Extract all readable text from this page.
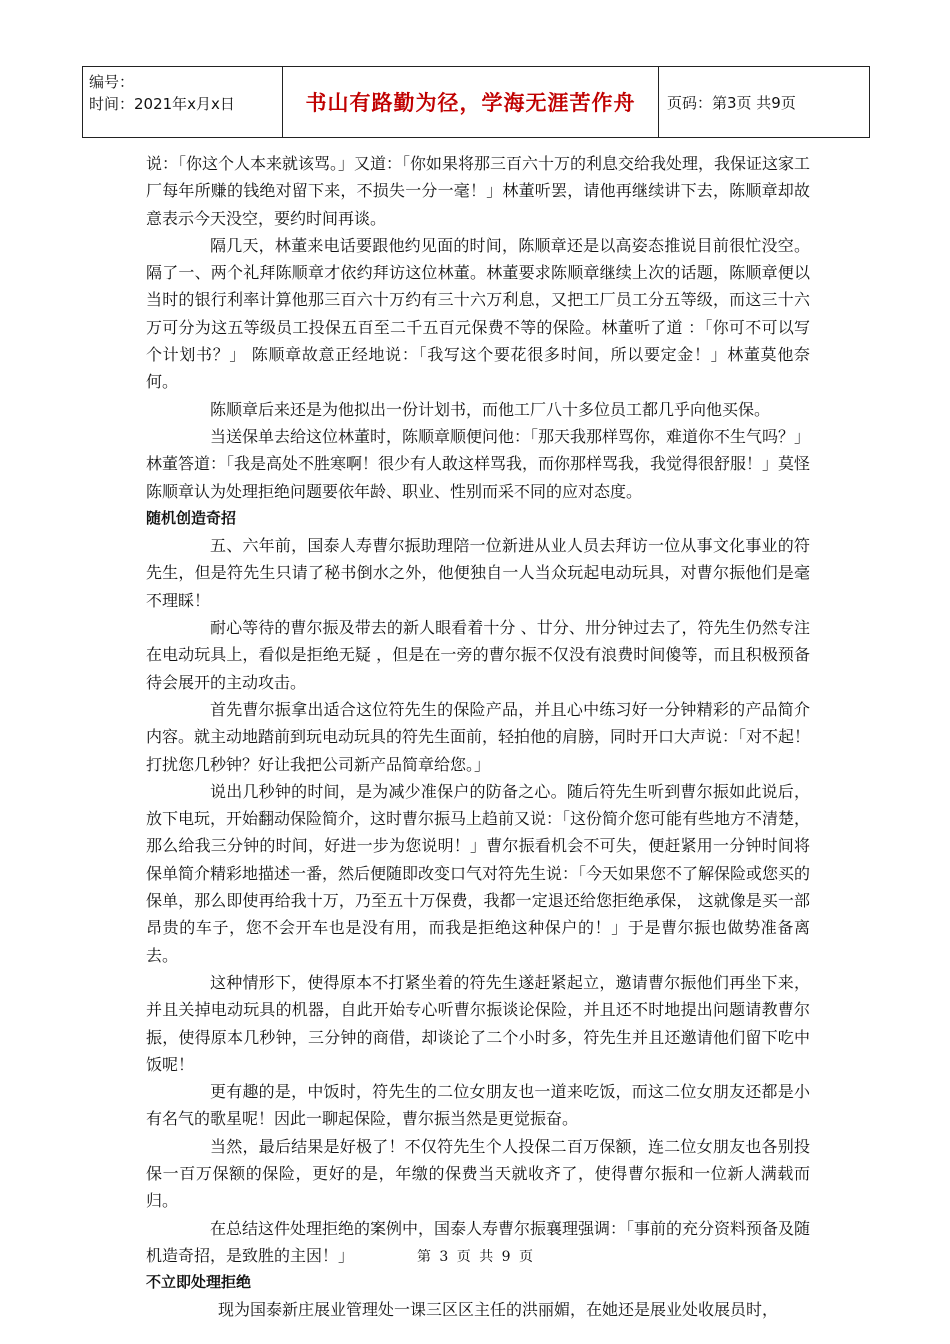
编号：
时间：2021年x月x日	书山有路勤为径，学海无涯苦作舟	页码：第3页 共9页

说：「你这个人本来就该骂。」又道：「你如果将那三百六十万的利息交给我处理，我保证这家工厂每年所赚的钱绝对留下来，不损失一分一毫！」林董听罢，请他再继续讲下去，陈顺章却故意表示今天没空，要约时间再谈。

隔几天，林董来电话要跟他约见面的时间，陈顺章还是以高姿态推说目前很忙没空。隔了一、两个礼拜陈顺章才依约拜访这位林董。林董要求陈顺章继续上次的话题，陈顺章便以当时的银行利率计算他那三百六十万约有三十六万利息，又把工厂员工分五等级，而这三十六万可分为这五等级员工投保五百至二千五百元保费不等的保险。林董听了道 ：「你可不可以写个计划书？」 陈顺章故意正经地说：「我写这个要花很多时间，所以要定金！」林董莫他奈何。

陈顺章后来还是为他拟出一份计划书，而他工厂八十多位员工都几乎向他买保。

当送保单去给这位林董时，陈顺章顺便问他：「那天我那样骂你，难道你不生气吗？」林董答道：「我是高处不胜寒啊！很少有人敢这样骂我，而你那样骂我，我觉得很舒服！」莫怪陈顺章认为处理拒绝问题要依年龄、职业、性别而采不同的应对态度。

随机创造奇招

五、六年前，国泰人寿曹尔振助理陪一位新进从业人员去拜访一位从事文化事业的符先生，但是符先生只请了秘书倒水之外，他便独自一人当众玩起电动玩具，对曹尔振他们是毫不理睬！

耐心等待的曹尔振及带去的新人眼看着十分 、廿分、卅分钟过去了，符先生仍然专注在电动玩具上，看似是拒绝无疑 ，但是在一旁的曹尔振不仅没有浪费时间傻等，而且积极预备待会展开的主动攻击。

首先曹尔振拿出适合这位符先生的保险产品，并且心中练习好一分钟精彩的产品简介内容。就主动地踏前到玩电动玩具的符先生面前，轻拍他的肩膀，同时开口大声说：「对不起！打扰您几秒钟？好让我把公司新产品简章给您。」

说出几秒钟的时间，是为减少准保户的防备之心。随后符先生听到曹尔振如此说后，放下电玩，开始翻动保险简介，这时曹尔振马上趋前又说：「这份简介您可能有些地方不清楚，那么给我三分钟的时间，好进一步为您说明！」曹尔振看机会不可失，便赶紧用一分钟时间将保单简介精彩地描述一番，然后便随即改变口气对符先生说：「今天如果您不了解保险或您买的保单，那么即使再给我十万，乃至五十万保费，我都一定退还给您拒绝承保， 这就像是买一部昂贵的车子，您不会开车也是没有用，而我是拒绝这种保户的！」于是曹尔振也做势准备离去。

这种情形下，使得原本不打紧坐着的符先生遂赶紧起立，邀请曹尔振他们再坐下来，并且关掉电动玩具的机器，自此开始专心听曹尔振谈论保险，并且还不时地提出问题请教曹尔振，使得原本几秒钟，三分钟的商借，却谈论了二个小时多，符先生并且还邀请他们留下吃中饭呢！

更有趣的是，中饭时，符先生的二位女朋友也一道来吃饭，而这二位女朋友还都是小有名气的歌星呢！因此一聊起保险，曹尔振当然是更觉振奋。

当然，最后结果是好极了！不仅符先生个人投保二百万保额，连二位女朋友也各别投保一百万保额的保险，更好的是，年缴的保费当天就收齐了，使得曹尔振和一位新人满载而归。

在总结这件处理拒绝的案例中，国泰人寿曹尔振襄理强调：「事前的充分资料预备及随机造奇招，是致胜的主因！」

不立即处理拒绝

现为国泰新庄展业管理处一课三区区主任的洪丽媚，在她还是展业处收展员时，

第 3 页 共 9 页
